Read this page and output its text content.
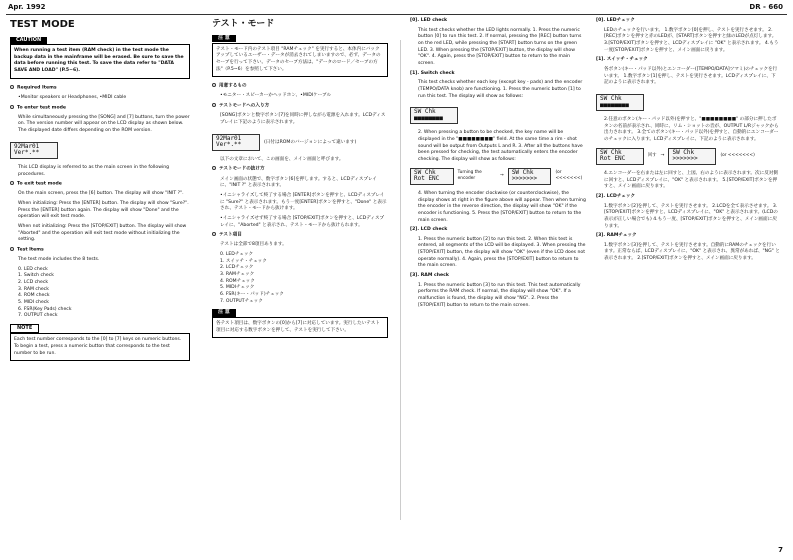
Apr. 1992	DR - 660
TEST MODE
CAUTION
When running a test item (RAM check) in the test mode the backup data in the mainframe will be erased. Be sure to save the data before running this test. To save the data refer to "DATA SAVE AND LOAD" (P.5~6).

Required Items

•Monitor speakers or Headphones, •MIDI cable

To enter test mode

While simultaneously pressing the [SONG] and [7] buttons, turn the power on. The version number will appear on the LCD display as shown below. The displayed date differs depending on the ROM version.

92Mar01
Ver*.**

This LCD display is referred to as the main screen in the following procedures.

To exit test mode

On the main screen, press the [6] button. The display will show "INIT ?".

When initializing: Press the [ENTER] button. The display will show "Sure?". Press the [ENTER] button again. The display will show "Done" and the operation will exit test mode.

When not initializing: Press the [STOP/EXIT] button. The display will show "Aborted" and the operation will exit test mode without initializing the setting.

Test Items

The test mode includes the 8 tests.

0. LED check
1. Switch check
2. LCD check
3. RAM check
4. ROM check
5. MIDI check
6. FSR(Key Pads) check
7. OUTPUT check
NOTE
Each test number corresponds to the [0] to [7] keys on numeric buttons. To begin a test, press a numeric button that corresponds to the test number to be run.
テスト・モード
注 意
テスト・モード内のテスト項目 "RAMチェック" を実行すると、本体内にバックアップしているユーザー・データが消去されてしまいますので、必ず、データのセーブを行って下さい。データのセーブ方法は、"データのロード／セーブの方法"（P.5~6）を参照して下さい。

用意するもの

•モニター・スピーカーかヘッドホン、•MIDIケーブル

テストモードへの入り方

[SONG]ボタンと数字ボタン[7]を同時に押しながら電源を入れます。LCDディスプレイに下記のように表示されます。

92Mar01
Ver*.**	(日付はROMのバージョンによって違います)

以下の文章において、この画面を、メイン画面と呼びます。

テストモードの抜け方

メイン画面の状態で、数字ボタン[6]を押します。すると、LCDディスプレイに、"INIT ?" と表示されます。

•イニシャライズして終了する場合 [ENTER]ボタンを押すと、LCDディスプレイに "Sure?" と表示されます。もう一度[ENTER]ボタンを押すと、"Done" と表示され、テスト・モードから抜けます。

•イニシャライズせず終了する場合 [STOP/EXIT]ボタンを押すと、LCDディスプレイに、"Aborted" と表示され、テスト・モードから抜けられます。

テスト項目

テストは全部で8項目あります。

0. LEDチェック
1. スイッチ・チェック
2. LCDチェック
3. RAMチェック
4. ROMチェック
5. MIDIチェック
6. FSR(キー・パッド)チェック
7. OUTPUTチェック
注 意
各テスト項目は、数字ボタンの[0]から[7]に対応しています。実行したいテスト項目に対応する数字ボタンを押して、テストを実行して下さい。

[0]. LED check

This test checks whether the LED lights normally. 1. Press the numeric button [0] to run this test. 2. If normal, pressing the [REC] button turns on the red LED, while pressing the [START] button turns on the green LED. 3. When pressing the [STOP/EXIT] button, the display will show "OK". 4. Again, press the [STOP/EXIT] button to return to the main screen.

[1]. Switch check

This test checks whether each key (except key - pads) and the encoder (TEMPO/DATA knob) are functioning. 1. Press the numeric button [1] to run this test. The display will show as follows:

SW Chk
■■■■■■■■

2. When pressing a button to be checked, the key name will be displayed in the "■■■■■■■■" field. At the same time a rim - shot sound will be output from Outputs L and R. 3. After all the buttons have been pressed for checking, the test automatically enters the encoder checking. The display will show as follows:

SW Chk
Rot ENC
Turning the encoder
→ SW Chk
>>>>>>>
(or <<<<<<<)

4. When turning the encoder clockwise (or counterclockwise), the display shows at right in the figure above will appear. Then when turning the encoder in the reverse direction, the display will show "OK" if the encoder is functioning. 5. Press the [STOP/EXIT] button to return to the main screen.

[2]. LCD check

1. Press the numeric button [2] to run this test. 2. When this test is entered, all segments of the LCD will be displayed. 3. When pressing the [STOP/EXIT] button, the display will show "OK" (even if the LCD does not operate normally). 4. Again, press the [STOP/EXIT] button to return to the main screen.

[3]. RAM check

1. Press the numeric button [3] to run this test. This test automatically performs the RAM check. If normal, the display will show "OK". If a malfunction is found, the display will show "NG". 2. Press the [STOP/EXIT] button to return to the main screen.

[0]. LEDチェック

LEDのチェックを行います。 1.数字ボタン[0]を押し、テストを実行させます。 2.[REC]ボタンを押すと赤のLEDが、[START]ボタンを押すと緑のLEDが点灯します。 3.[STOP/EXIT]ボタンを押すと、LCDディスプレイに "OK" と表示されます。 4.もう一度[STOP/EXIT]ボタンを押すと、メイン画面に戻ります。

[1]. スイッチ・チェック

各ボタン(キー・パッド以外)とエンコーダー([TEMPO/DATA]ツマミ)のチェックを行います。 1.数字ボタン[1]を押し、テストを実行させます。LCDディスプレイに、下記のように表示されます。

SW Chk
■■■■■■■■

2.任意のボタン(キー・パッド以外)を押すと、"■■■■■■■■" の部分に押したボタンの名前が表示され、同時に、リム・ショットの音が、OUTPUT L/Rジャックから出力されます。 3.全てのボタン(キー・パッド以外)を押すと、自動的にエンコーダーのチェックに入ります。LCDディスプレイに、下記のように表示されます。

SW Chk
Rot ENC	回す → SW Chk
>>>>>>>	(or <<<<<<<)

4.エンコーダーを右または左に回すと、上図、右のように表示されます。次に反対側に回すと、LCDディスプレイに、"OK" と表示されます。 5.[STOP/EXIT]ボタンを押すと、メイン画面に戻ります。

[2]. LCDチェック

1.数字ボタン[2]を押して、テストを実行させます。 2.LCDを全て表示させます。 3.[STOP/EXIT]ボタンを押すと、LCDディスプレイに、"OK" と表示されます。(LCDの表示が正しい場合でも) 4.もう一度、[STOP/EXIT]ボタンを押すと、メイン画面に戻ります。

[3]. RAMチェック

1.数字ボタン[3]を押して、テストを実行させます。自動的にRAMのチェックを行います。正常ならば、LCDディスプレイに、"OK" と表示され、異常があれば、"NG" と表示されます。 2.[STOP/EXIT]ボタンを押すと、メイン画面に戻ります。

7
